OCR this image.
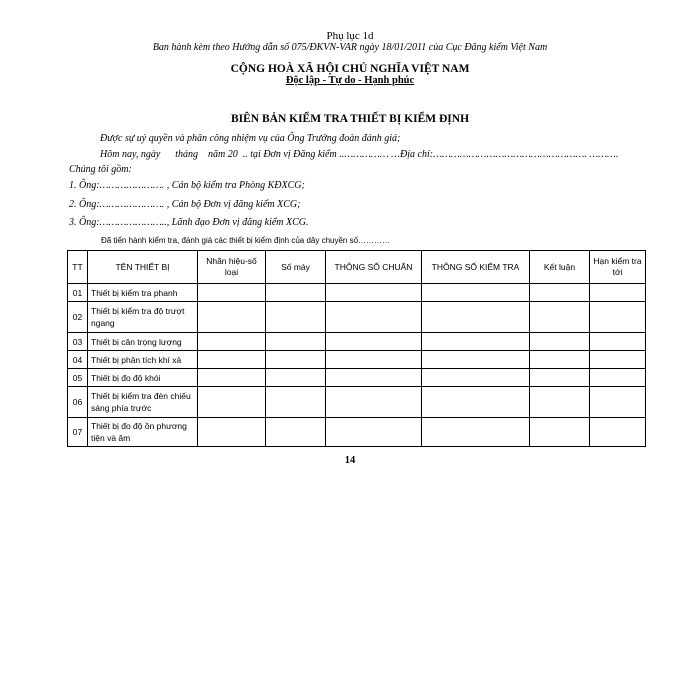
Phụ lục 1d
Ban hành kèm theo Hướng dẫn số 075/ĐKVN-VAR ngày 18/01/2011 của Cục Đăng kiểm Việt Nam
CỘNG HOÀ XÃ HỘI CHỦ NGHĨA VIỆT NAM
Độc lập - Tự do - Hạnh phúc
BIÊN BẢN KIỂM TRA THIẾT BỊ KIỂM ĐỊNH
Được sự uỷ quyền và phân công nhiệm vụ của Ông Trưởng đoàn đánh giá;
Hôm nay, ngày      tháng    năm 20  .. tại Đơn vị Đăng kiểm ..…………… …Địa chỉ:……………………………………………. ……….
Chúng tôi gồm:
1. Ông:…………………. , Cán bộ kiểm tra Phòng KĐXCG;
2. Ông:…………………. , Cán bộ Đơn vị đăng kiểm XCG;
3. Ông:………………….., Lãnh đạo Đơn vị đăng kiểm XCG.
Đã tiến hành kiểm tra, đánh giá các thiết bị kiểm định của dây chuyền số…………
TT	TÊN THIẾT BỊ	Nhãn hiệu-số loại	Số máy	THÔNG SỐ CHUẨN	THÔNG SỐ KIỂM TRA	Kết luận	Hạn kiểm tra tới
01	Thiết bị kiểm tra phanh						
02	Thiết bị kiểm tra độ trượt ngang						
03	Thiết bị cân trọng lượng						
04	Thiết bị phân tích khí xả						
05	Thiết bị đo độ khói						
06	Thiết bị kiểm tra đèn chiếu sáng phía trước						
07	Thiết bị đo độ ồn phương tiện và âm						
14
